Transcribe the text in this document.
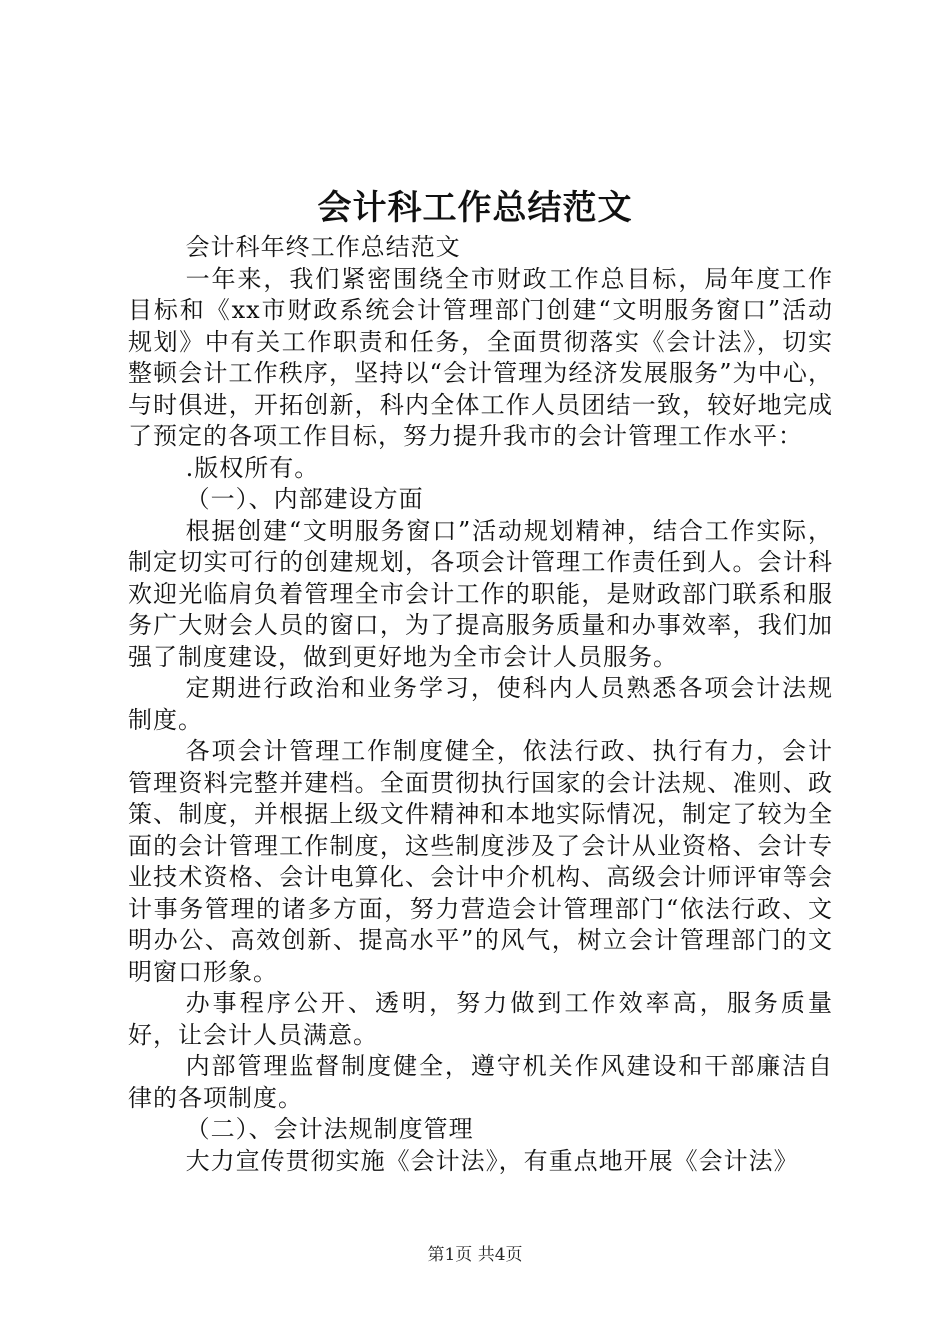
会计科工作总结范文

会计科年终工作总结范文

一年来，我们紧密围绕全市财政工作总目标，局年度工作目标和《xx市财政系统会计管理部门创建“文明服务窗口”活动规划》中有关工作职责和任务，全面贯彻落实《会计法》，切实整顿会计工作秩序，坚持以“会计管理为经济发展服务”为中心，与时俱进，开拓创新，科内全体工作人员团结一致，较好地完成了预定的各项工作目标，努力提升我市的会计管理工作水平：

.版权所有。

（一）、内部建设方面

根据创建“文明服务窗口”活动规划精神，结合工作实际，制定切实可行的创建规划，各项会计管理工作责任到人。会计科欢迎光临肩负着管理全市会计工作的职能，是财政部门联系和服务广大财会人员的窗口，为了提高服务质量和办事效率，我们加强了制度建设，做到更好地为全市会计人员服务。

定期进行政治和业务学习，使科内人员熟悉各项会计法规制度。

各项会计管理工作制度健全，依法行政、执行有力，会计管理资料完整并建档。全面贯彻执行国家的会计法规、准则、政策、制度，并根据上级文件精神和本地实际情况，制定了较为全面的会计管理工作制度，这些制度涉及了会计从业资格、会计专业技术资格、会计电算化、会计中介机构、高级会计师评审等会计事务管理的诸多方面，努力营造会计管理部门“依法行政、文明办公、高效创新、提高水平”的风气，树立会计管理部门的文明窗口形象。

办事程序公开、透明，努力做到工作效率高，服务质量好，让会计人员满意。

内部管理监督制度健全，遵守机关作风建设和干部廉洁自律的各项制度。

（二）、会计法规制度管理

大力宣传贯彻实施《会计法》，有重点地开展《会计法》

第1页 共4页
